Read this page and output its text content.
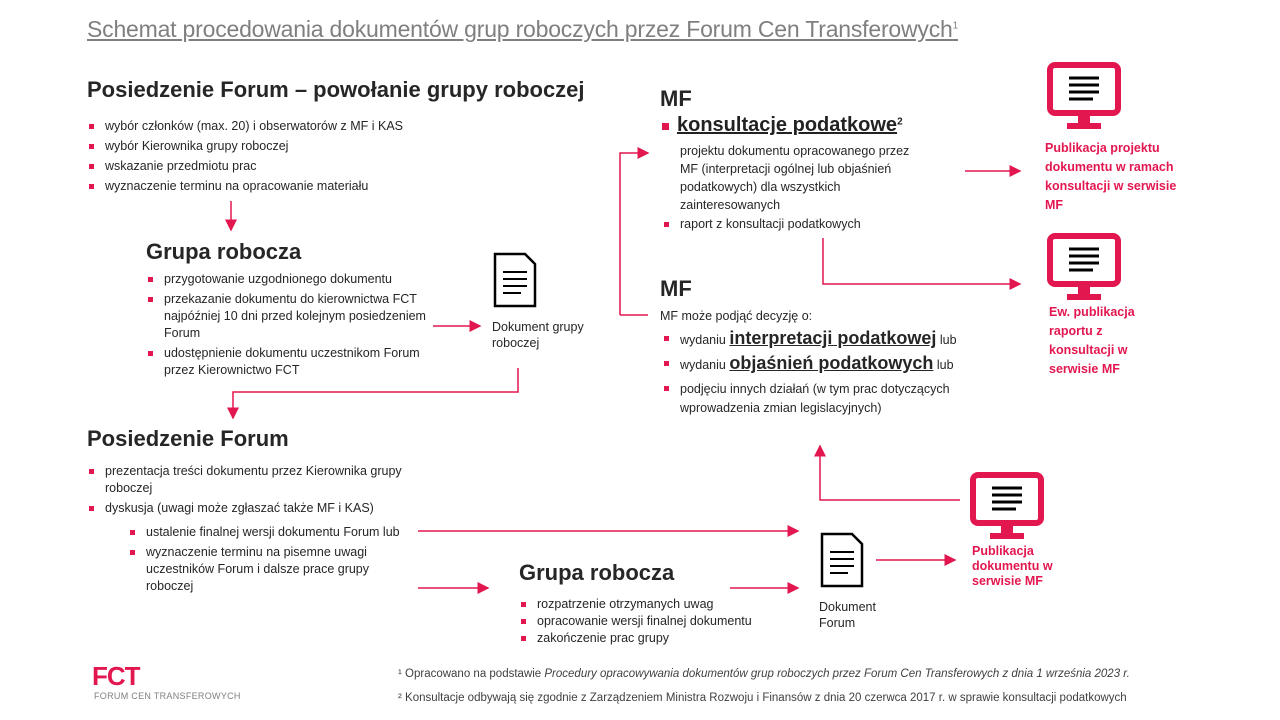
Schemat procedowania dokumentów grup roboczych przez Forum Cen Transferowych$^1$
Posiedzenie Forum – powołanie grupy roboczej
wybór członków (max. 20) i obserwatorów z MF i KAS
wybór Kierownika grupy roboczej
wskazanie przedmiotu prac
wyznaczenie terminu na opracowanie materiału
Grupa robocza
przygotowanie uzgodnionego dokumentu
przekazanie dokumentu do kierownictwa FCT najpóźniej 10 dni przed kolejnym posiedzeniem Forum
udostępnienie dokumentu uczestnikom Forum przez Kierownictwo FCT
Dokument grupy roboczej
Posiedzenie Forum
prezentacja treści dokumentu przez Kierownika grupy roboczej
dyskusja (uwagi może zgłaszać także MF i KAS)
ustalenie finalnej wersji dokumentu Forum lub
wyznaczenie terminu na pisemne uwagi uczestników Forum i dalsze prace grupy roboczej
Grupa robocza
rozpatrzenie otrzymanych uwag
opracowanie wersji finalnej dokumentu
zakończenie prac grupy
Dokument Forum
MF
konsultacje podatkowe$^2$
projektu dokumentu opracowanego przez MF (interpretacji ogólnej lub objaśnień podatkowych) dla wszystkich zainteresowanych
raport z konsultacji podatkowych
MF
MF może podjąć decyzję o:
wydaniu interpretacji podatkowej lub
wydaniu objaśnień podatkowych lub
podjęciu innych działań (w tym prac dotyczących wprowadzenia zmian legislacyjnych)
Publikacja projektu dokumentu w ramach konsultacji w serwisie MF
Ew. publikacja raportu z konsultacji w serwisie MF
Publikacja dokumentu w serwisie MF
FCT
FORUM CEN TRANSFEROWYCH
¹ Opracowano na podstawie Procedury opracowywania dokumentów grup roboczych przez Forum Cen Transferowych z dnia 1 września 2023 r.
² Konsultacje odbywają się zgodnie z Zarządzeniem Ministra Rozwoju i Finansów z dnia 20 czerwca 2017 r. w sprawie konsultacji podatkowych
